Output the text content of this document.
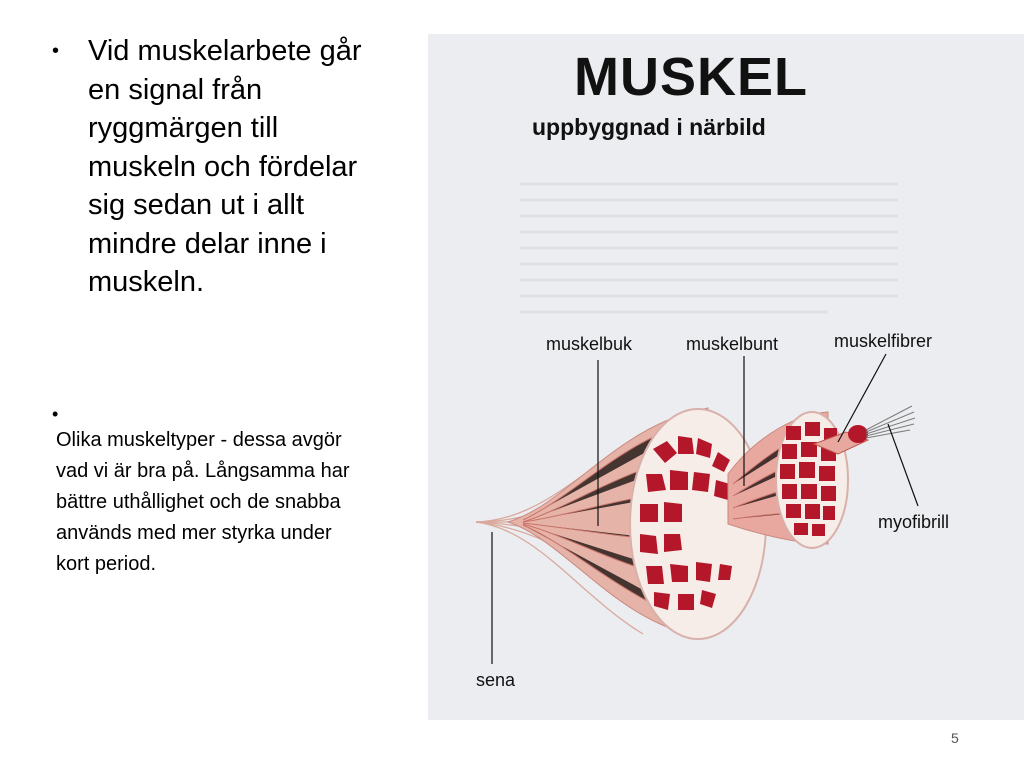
• Vid muskelarbete går en signal från ryggmärgen till muskeln och fördelar sig sedan ut i allt mindre delar inne i muskeln.
•
Olika muskeltyper - dessa avgör vad vi är bra på. Långsamma har bättre uthållighet och de snabba används med mer styrka under kort period.
MUSKEL
uppbyggnad i närbild
muskelbuk	muskelbunt	muskelfibrer
myofibrill
sena
5
